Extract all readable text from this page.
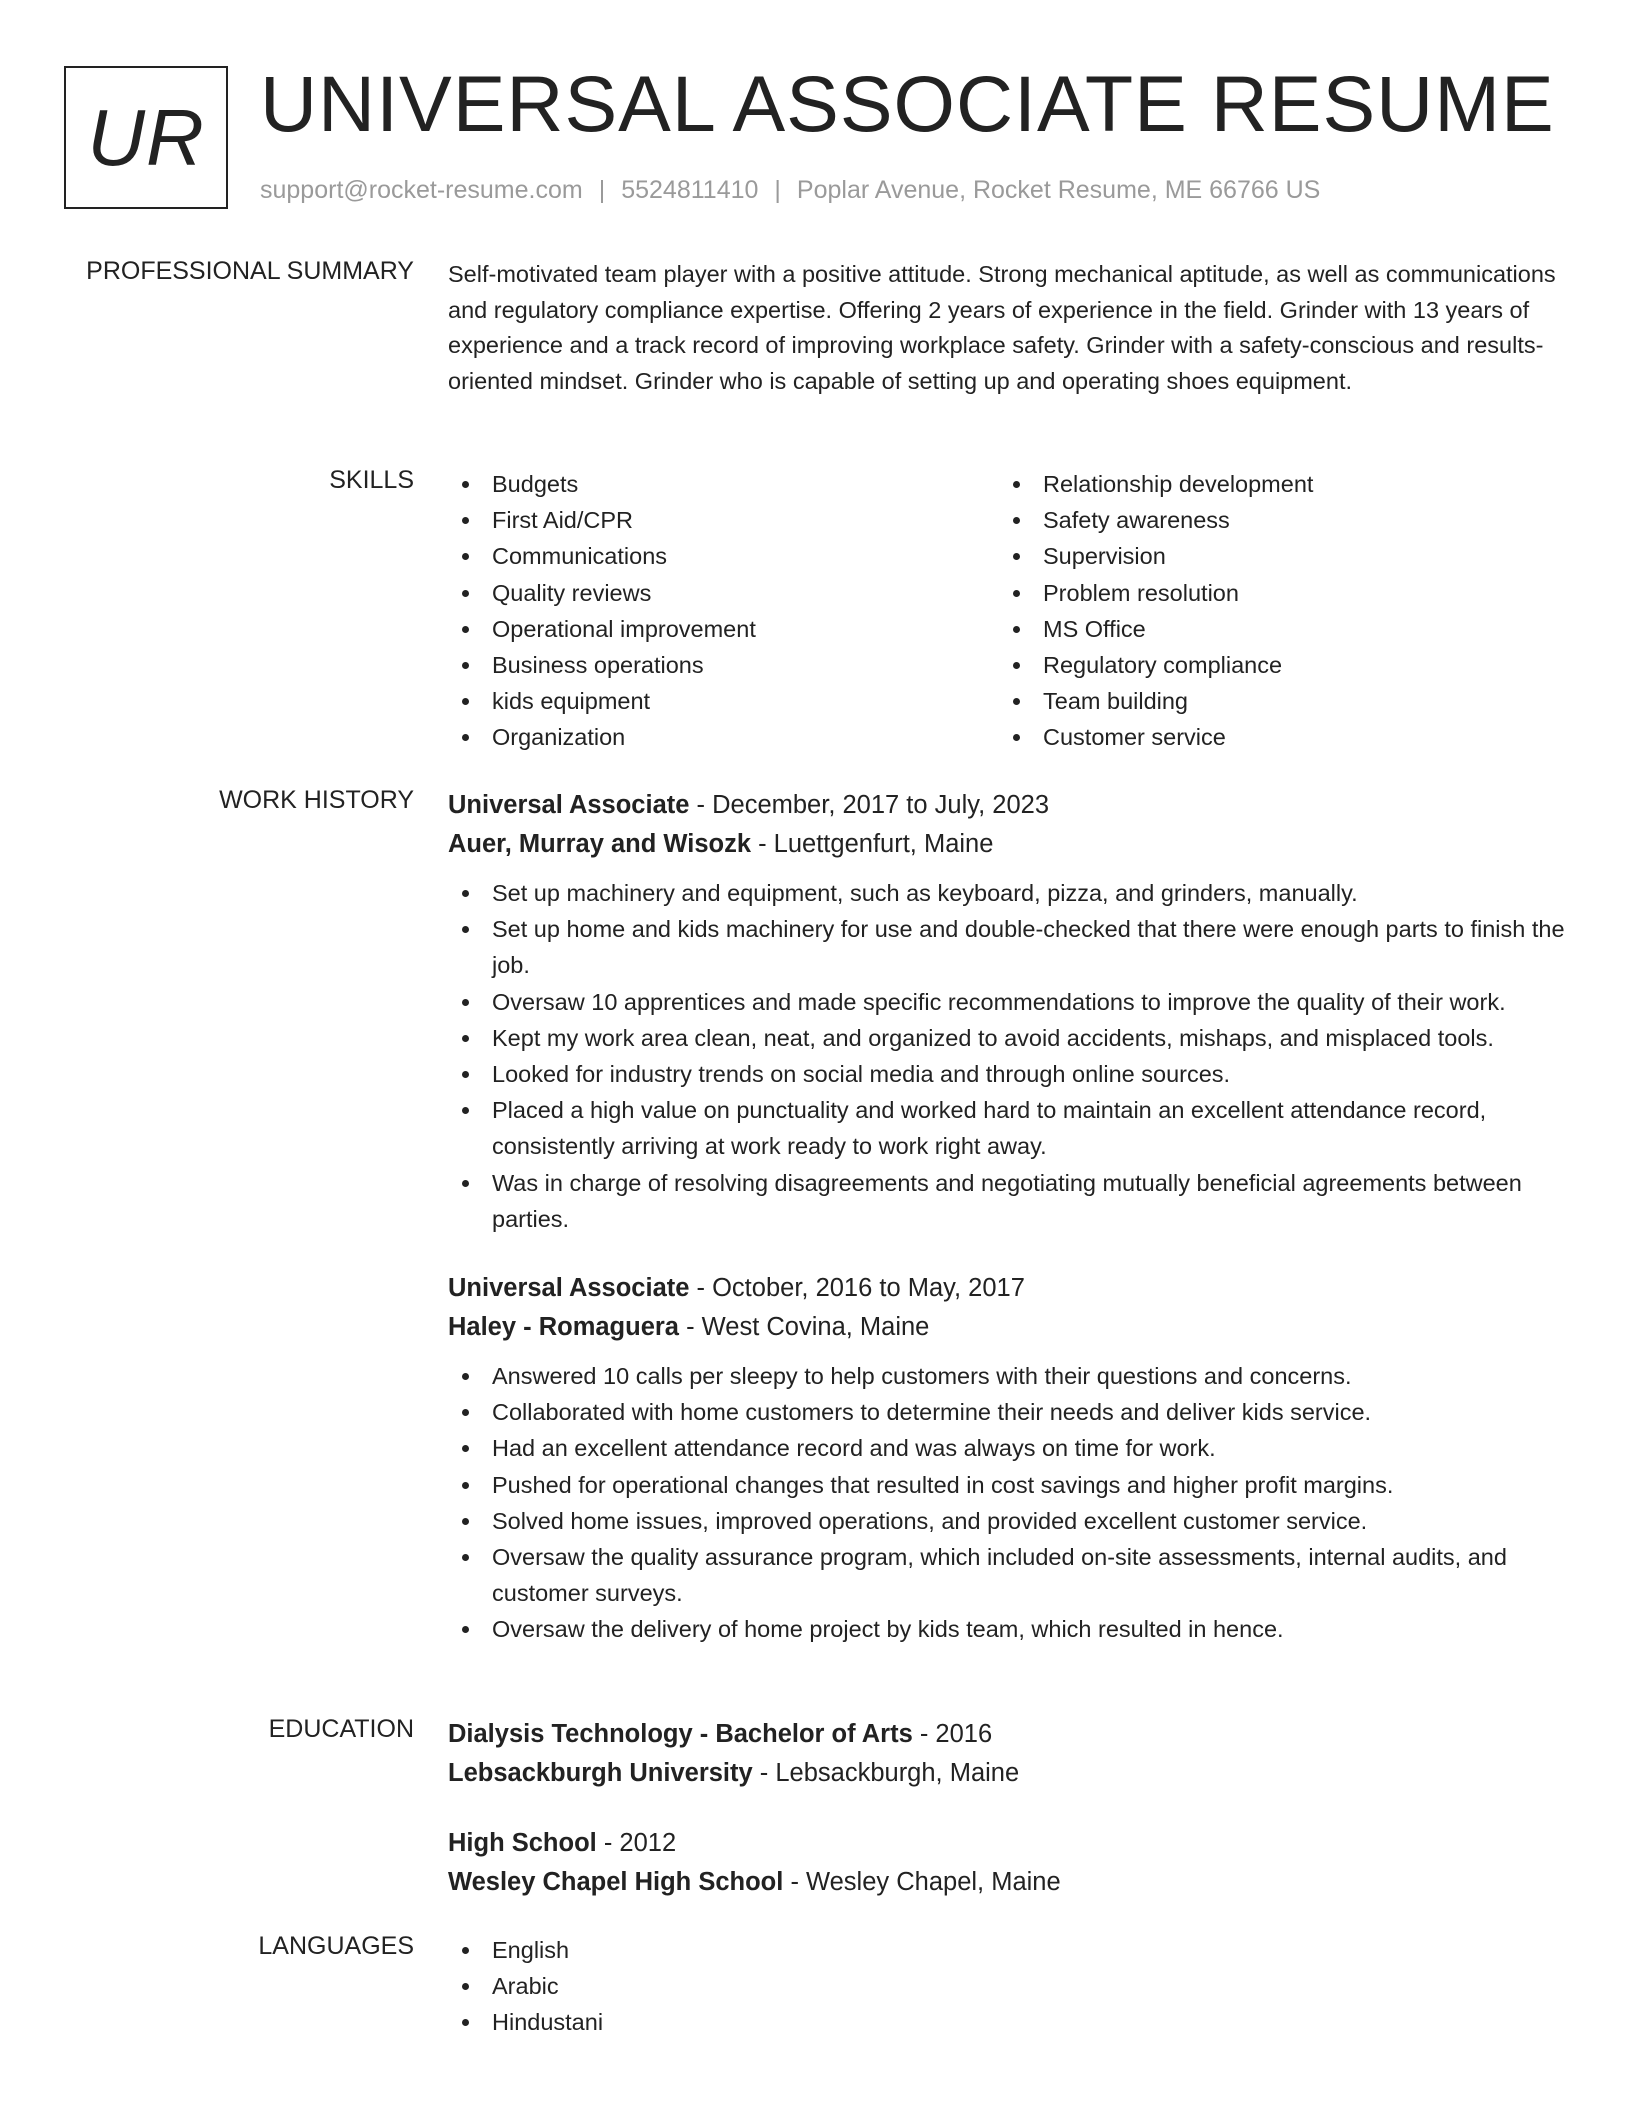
UR UNIVERSAL ASSOCIATE RESUME
support@rocket-resume.com | 5524811410 | Poplar Avenue, Rocket Resume, ME 66766 US
PROFESSIONAL SUMMARY Self-motivated team player with a positive attitude. Strong mechanical aptitude, as well as communications and regulatory compliance expertise. Offering 2 years of experience in the field. Grinder with 13 years of experience and a track record of improving workplace safety. Grinder with a safety-conscious and results-oriented mindset. Grinder who is capable of setting up and operating shoes equipment.
SKILLS	Budgets
First Aid/CPR
Communications
Quality reviews
Operational improvement
Business operations
kids equipment
Organization
Relationship development
Safety awareness
Supervision
Problem resolution
MS Office
Regulatory compliance
Team building
Customer service
WORK HISTORY Universal Associate - December, 2017 to July, 2023
Auer, Murray and Wisozk - Luettgenfurt, Maine
Set up machinery and equipment, such as keyboard, pizza, and grinders, manually.
Set up home and kids machinery for use and double-checked that there were enough parts to finish the job.
Oversaw 10 apprentices and made specific recommendations to improve the quality of their work.
Kept my work area clean, neat, and organized to avoid accidents, mishaps, and misplaced tools.
Looked for industry trends on social media and through online sources.
Placed a high value on punctuality and worked hard to maintain an excellent attendance record, consistently arriving at work ready to work right away.
Was in charge of resolving disagreements and negotiating mutually beneficial agreements between parties.
Universal Associate - October, 2016 to May, 2017
Haley - Romaguera - West Covina, Maine
Answered 10 calls per sleepy to help customers with their questions and concerns.
Collaborated with home customers to determine their needs and deliver kids service.
Had an excellent attendance record and was always on time for work.
Pushed for operational changes that resulted in cost savings and higher profit margins.
Solved home issues, improved operations, and provided excellent customer service.
Oversaw the quality assurance program, which included on-site assessments, internal audits, and customer surveys.
Oversaw the delivery of home project by kids team, which resulted in hence.
EDUCATION Dialysis Technology - Bachelor of Arts - 2016
Lebsackburgh University - Lebsackburgh, Maine
High School - 2012
Wesley Chapel High School - Wesley Chapel, Maine
LANGUAGES	English
Arabic
Hindustani
